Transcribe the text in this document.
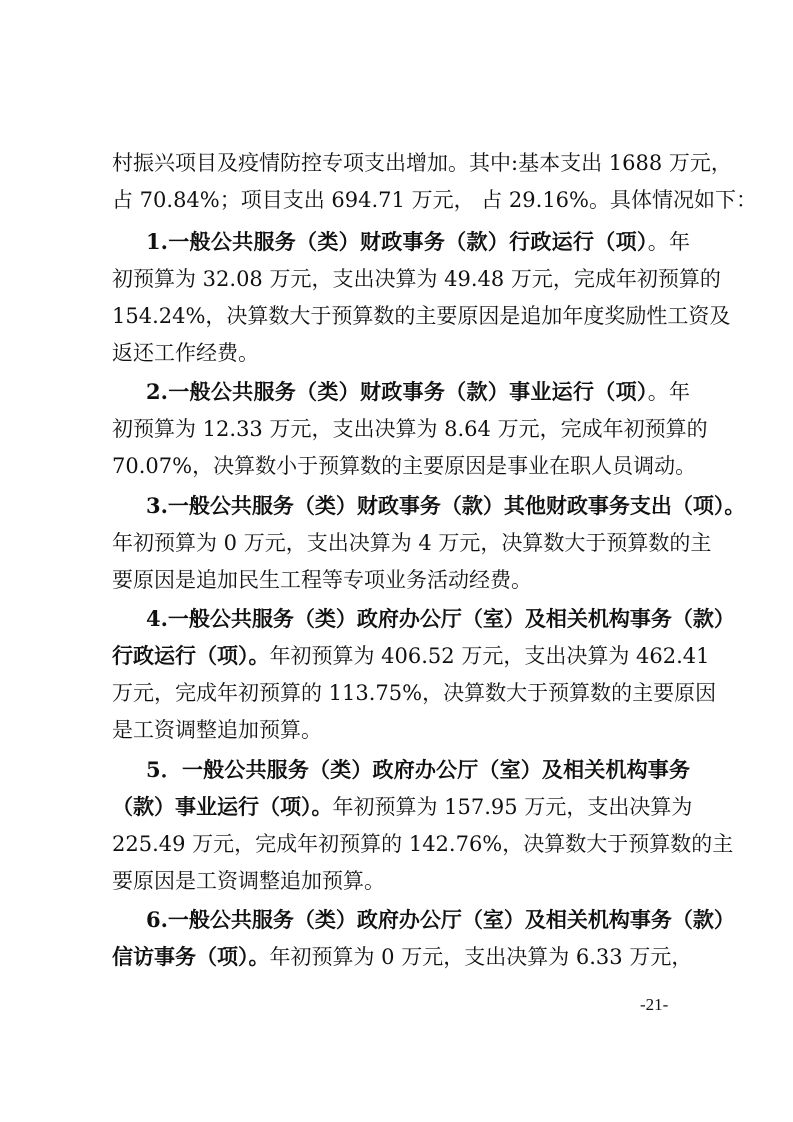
村振兴项目及疫情防控专项支出增加。其中:基本支出 1688 万元，
占 70.84%；项目支出 694.71 万元， 占 29.16%。具体情况如下：
1.一般公共服务（类）财政事务（款）行政运行（项）。年
初预算为 32.08 万元，支出决算为 49.48 万元，完成年初预算的
154.24%，决算数大于预算数的主要原因是追加年度奖励性工资及
返还工作经费。
2.一般公共服务（类）财政事务（款）事业运行（项）。年
初预算为 12.33 万元，支出决算为 8.64 万元，完成年初预算的
70.07%，决算数小于预算数的主要原因是事业在职人员调动。
3.一般公共服务（类）财政事务（款）其他财政事务支出（项）。
年初预算为 0 万元，支出决算为 4 万元，决算数大于预算数的主
要原因是追加民生工程等专项业务活动经费。
4.一般公共服务（类）政府办公厅（室）及相关机构事务（款）
行政运行（项）。年初预算为 406.52 万元，支出决算为 462.41
万元，完成年初预算的 113.75%，决算数大于预算数的主要原因
是工资调整追加预算。
5．一般公共服务（类）政府办公厅（室）及相关机构事务
（款）事业运行（项）。年初预算为 157.95 万元，支出决算为
225.49 万元，完成年初预算的 142.76%，决算数大于预算数的主
要原因是工资调整追加预算。
6.一般公共服务（类）政府办公厅（室）及相关机构事务（款）
信访事务（项）。年初预算为 0 万元，支出决算为 6.33 万元，
-21-
